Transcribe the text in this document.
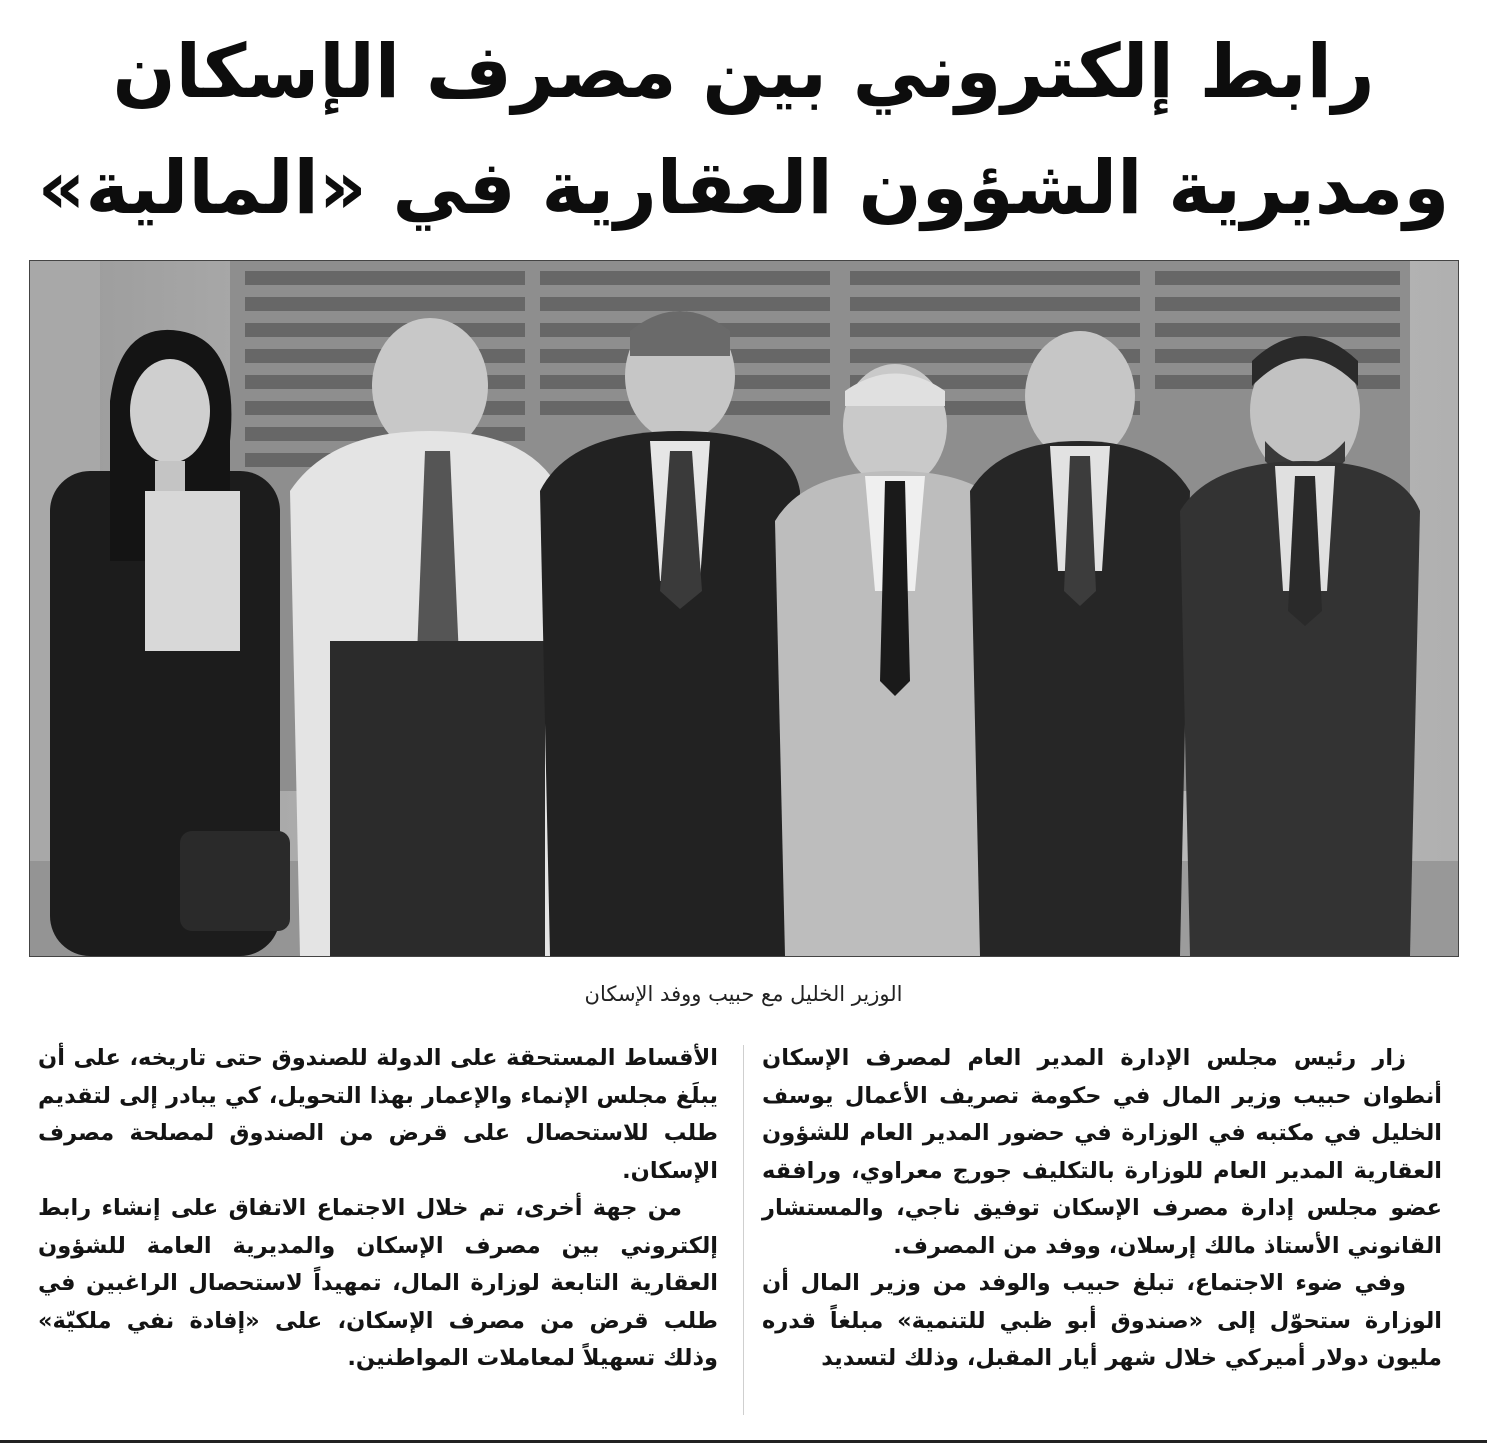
رابط إلكتروني بين مصرف الإسكان
ومديرية الشؤون العقارية في «المالية»
الوزير الخليل مع حبيب ووفد الإسكان

زار رئيس مجلس الإدارة المدير العام لمصرف الإسكان أنطوان حبيب وزير المال في حكومة تصريف الأعمال يوسف الخليل في مكتبه في الوزارة في حضور المدير العام للشؤون العقارية المدير العام للوزارة بالتكليف جورج معراوي، ورافقه عضو مجلس إدارة مصرف الإسكان توفيق ناجي، والمستشار القانوني الأستاذ مالك إرسلان، ووفد من المصرف.

وفي ضوء الاجتماع، تبلغ حبيب والوفد من وزير المال أن الوزارة ستحوّل إلى «صندوق أبو ظبي للتنمية» مبلغاً قدره مليون دولار أميركي خلال شهر أيار المقبل، وذلك لتسديد

الأقساط المستحقة على الدولة للصندوق حتى تاريخه، على أن يبلَغ مجلس الإنماء والإعمار بهذا التحويل، كي يبادر إلى لتقديم طلب للاستحصال على قرض من الصندوق لمصلحة مصرف الإسكان.

من جهة أخرى، تم خلال الاجتماع الاتفاق على إنشاء رابط إلكتروني بين مصرف الإسكان والمديرية العامة للشؤون العقارية التابعة لوزارة المال، تمهيداً لاستحصال الراغبين في طلب قرض من مصرف الإسكان، على «إفادة نفي ملكيّة» وذلك تسهيلاً لمعاملات المواطنين.
